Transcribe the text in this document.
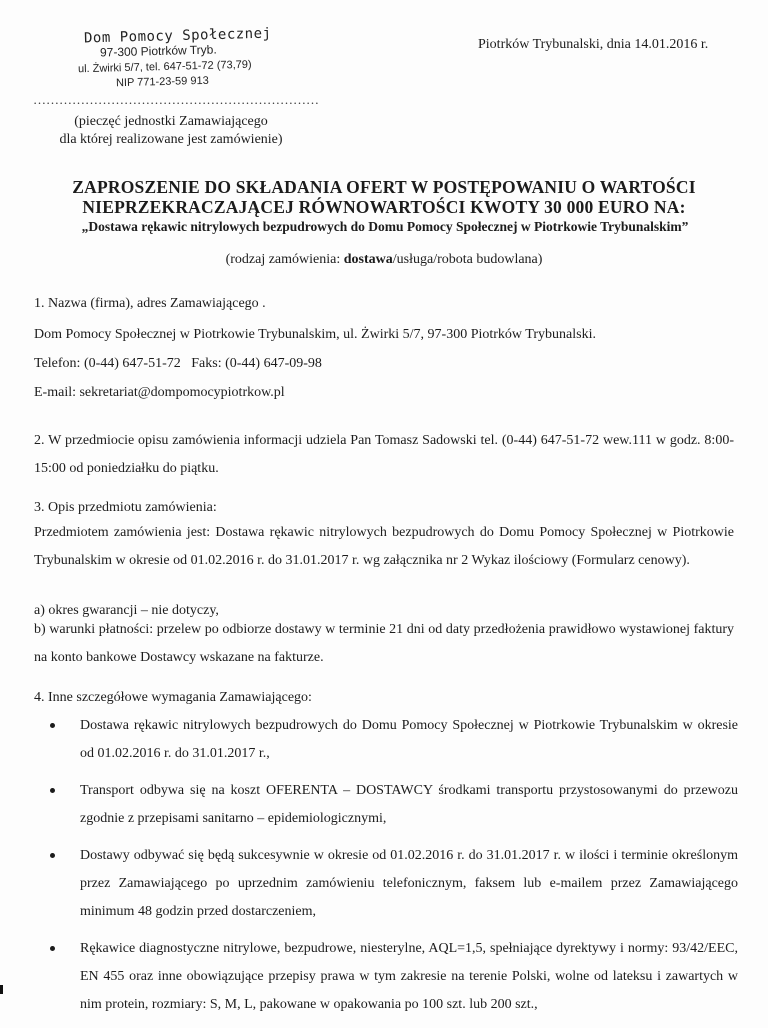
Dom Pomocy Społecznej
97-300 Piotrków Tryb.
ul. Żwirki 5/7, tel. 647-51-72 (73,79)
NIP 771-23-59 913
Piotrków Trybunalski, dnia 14.01.2016 r.
…………………………………………………………
(pieczęć jednostki Zamawiającego
dla której realizowane jest zamówienie)
ZAPROSZENIE DO SKŁADANIA OFERT W POSTĘPOWANIU O WARTOŚCI
NIEPRZEKRACZAJĄCEJ RÓWNOWARTOŚCI KWOTY 30 000 EURO NA:
„Dostawa rękawic nitrylowych bezpudrowych do Domu Pomocy Społecznej w Piotrkowie Trybunalskim”
(rodzaj zamówienia: dostawa/usługa/robota budowlana)
1. Nazwa (firma), adres Zamawiającego .
Dom Pomocy Społecznej w Piotrkowie Trybunalskim, ul. Żwirki 5/7, 97-300 Piotrków Trybunalski.
Telefon: (0-44) 647-51-72   Faks: (0-44) 647-09-98
E-mail: sekretariat@dompomocypiotrkow.pl
2. W przedmiocie opisu zamówienia informacji udziela Pan Tomasz Sadowski tel. (0-44) 647-51-72 wew.111 w godz. 8:00-15:00 od poniedziałku do piątku.
3. Opis przedmiotu zamówienia:
Przedmiotem zamówienia jest: Dostawa rękawic nitrylowych bezpudrowych do Domu Pomocy Społecznej w Piotrkowie Trybunalskim w okresie od 01.02.2016 r. do 31.01.2017 r. wg załącznika nr 2 Wykaz ilościowy (Formularz cenowy).
a) okres gwarancji – nie dotyczy,
b) warunki płatności: przelew po odbiorze dostawy w terminie 21 dni od daty przedłożenia prawidłowo wystawionej faktury na konto bankowe Dostawcy wskazane na fakturze.
4. Inne szczegółowe wymagania Zamawiającego:
Dostawa rękawic nitrylowych bezpudrowych do Domu Pomocy Społecznej w Piotrkowie Trybunalskim w okresie od 01.02.2016 r. do 31.01.2017 r.,
Transport odbywa się na koszt OFERENTA – DOSTAWCY środkami transportu przystosowanymi do przewozu zgodnie z przepisami sanitarno – epidemiologicznymi,
Dostawy odbywać się będą sukcesywnie w okresie od 01.02.2016 r. do 31.01.2017 r. w ilości i terminie określonym przez Zamawiającego po uprzednim zamówieniu telefonicznym, faksem lub e-mailem przez Zamawiającego minimum 48 godzin przed dostarczeniem,
Rękawice diagnostyczne nitrylowe, bezpudrowe, niesterylne, AQL=1,5, spełniające dyrektywy i normy: 93/42/EEC, EN 455 oraz inne obowiązujące przepisy prawa w tym zakresie na terenie Polski, wolne od lateksu i zawartych w nim protein, rozmiary: S, M, L, pakowane w opakowania po 100 szt. lub 200 szt.,
